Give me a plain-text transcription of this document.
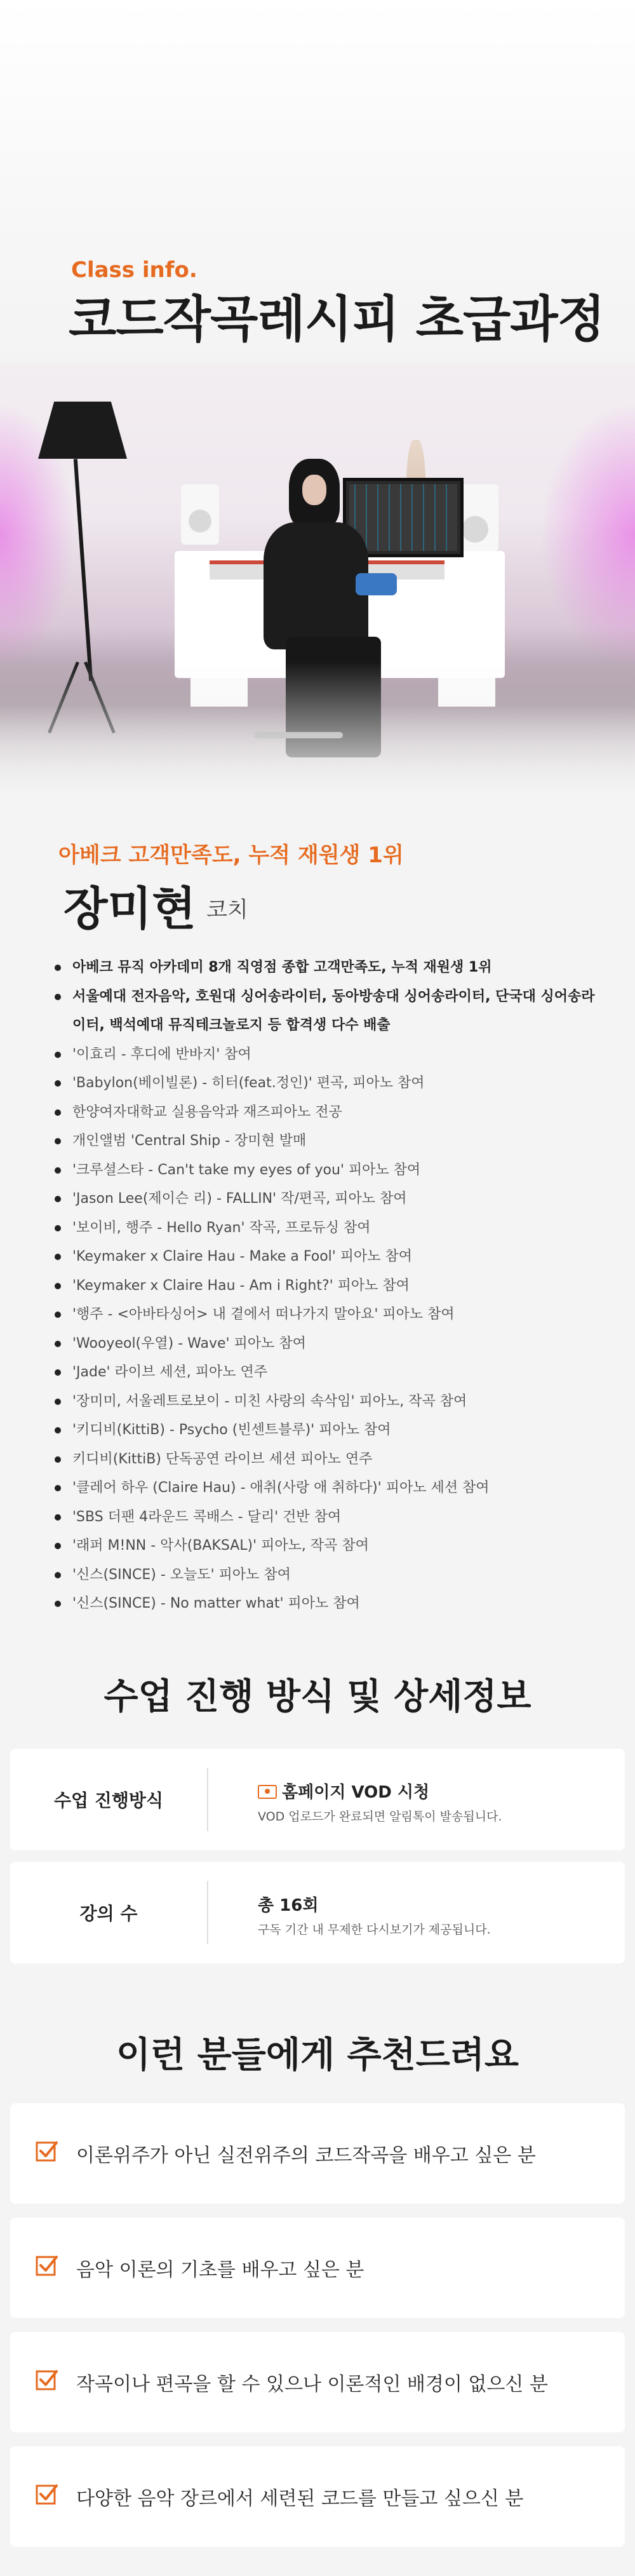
Class info.
코드작곡레시피 초급과정
아베크 고객만족도, 누적 재원생 1위
장미현 코치
아베크 뮤직 아카데미 8개 직영점 종합 고객만족도, 누적 재원생 1위
서울예대 전자음악, 호원대 싱어송라이터, 동아방송대 싱어송라이터, 단국대 싱어송라이터, 백석예대 뮤직테크놀로지 등 합격생 다수 배출
'이효리 - 후디에 반바지' 참여
'Babylon(베이빌론) - 히터(feat.정인)' 편곡, 피아노 참여
한양여자대학교 실용음악과 재즈피아노 전공
개인앨범 'Central Ship - 장미현 발매
'크루셜스타 - Can't take my eyes of you' 피아노 참여
'Jason Lee(제이슨 리) - FALLIN' 작/편곡, 피아노 참여
'보이비, 행주 - Hello Ryan' 작곡, 프로듀싱 참여
'Keymaker x Claire Hau - Make a Fool' 피아노 참여
'Keymaker x Claire Hau - Am i Right?' 피아노 참여
'행주 - <아바타싱어> 내 곁에서 떠나가지 말아요' 피아노 참여
'Wooyeol(우열) - Wave' 피아노 참여
'Jade' 라이브 세션, 피아노 연주
'장미미, 서울레트로보이 - 미친 사랑의 속삭임' 피아노, 작곡 참여
'키디비(KittiB) - Psycho (빈센트블루)' 피아노 참여
키디비(KittiB) 단독공연 라이브 세션 피아노 연주
'클레어 하우 (Claire Hau) - 애취(사랑 애 취하다)' 피아노 세션 참여
'SBS 더팬 4라운드 콕배스 - 달리' 건반 참여
'래퍼 M!NN - 악사(BAKSAL)' 피아노, 작곡 참여
'신스(SINCE) - 오늘도' 피아노 참여
'신스(SINCE) - No matter what' 피아노 참여
수업 진행 방식 및 상세정보
수업 진행방식	홈페이지 VOD 시청
VOD 업로드가 완료되면 알림톡이 발송됩니다.
강의 수	총 16회
구독 기간 내 무제한 다시보기가 제공됩니다.
이런 분들에게 추천드려요
이론위주가 아닌 실전위주의 코드작곡을 배우고 싶은 분
음악 이론의 기초를 배우고 싶은 분
작곡이나 편곡을 할 수 있으나 이론적인 배경이 없으신 분
다양한 음악 장르에서 세련된 코드를 만들고 싶으신 분
